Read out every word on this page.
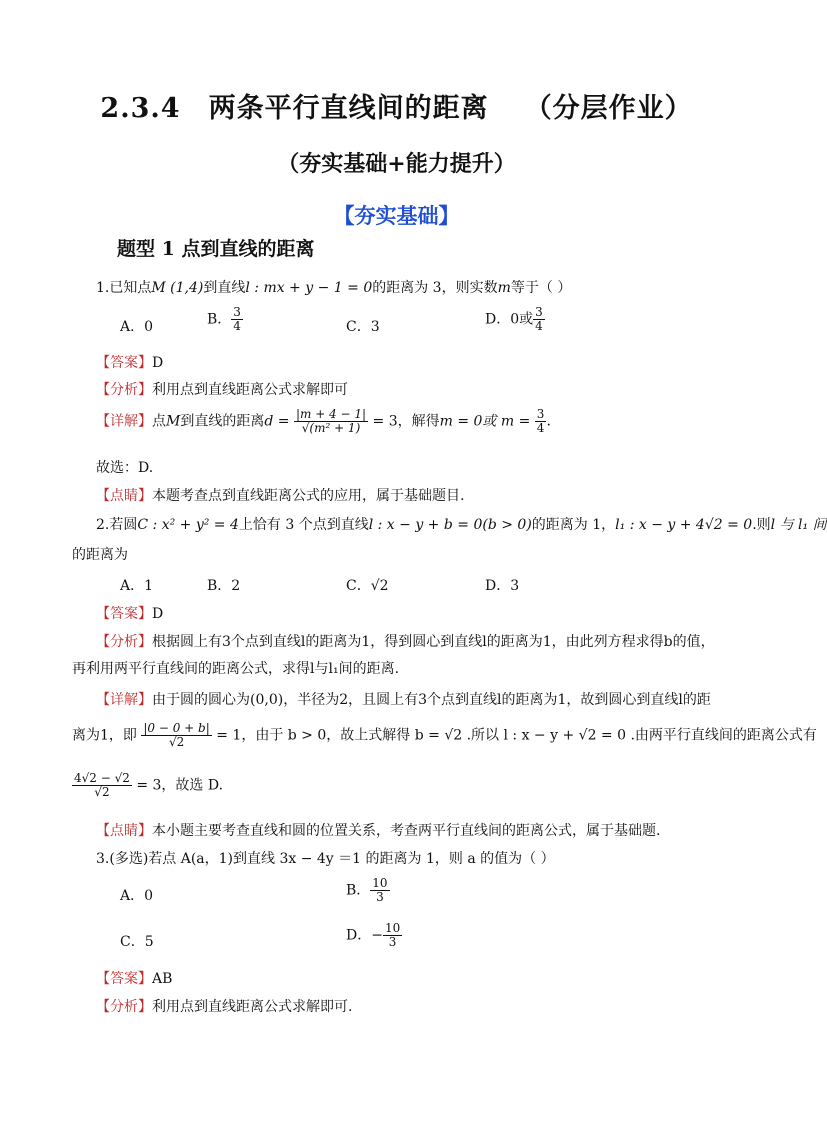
2.3.4 两条平行直线间的距离 （分层作业）
（夯实基础+能力提升）
【夯实基础】
题型 1 点到直线的距离
1.已知点M (1,4)到直线l : mx + y − 1 = 0的距离为 3，则实数m等于（ ）
A．0	B． $\frac{3}{4}$	C．3	D．0或 $\frac{3}{4}$
【答案】D
【分析】利用点到直线距离公式求解即可
【详解】点M到直线的距离$d = \frac{|m + 4 - 1|}{\text{√(m² + 1)}} = 3$，解得m = 0或 $m = \frac{3}{4}$ .
故选：D.
【点睛】本题考查点到直线距离公式的应用，属于基础题目.
2.若圆C : x² + y² = 4上恰有 3 个点到直线l : x − y + b = 0(b > 0)的距离为 1，l₁ : x − y + 4√2 = 0.则l 与 l₁ 间
的距离为
A．1	B．2	C．√2	D．3
【答案】D
【分析】根据圆上有3个点到直线l的距离为1，得到圆心到直线l的距离为1，由此列方程求得b的值，
再利用两平行直线间的距离公式，求得l与l₁间的距离.
【详解】由于圆的圆心为(0,0)，半径为2，且圆上有3个点到直线l的距离为1，故到圆心到直线l的距
离为1，即 $\frac{|0 - 0 + b|}{√2} = 1$，由于 b > 0，故上式解得 b = √2 .所以 l : x − y + √2 = 0 .由两平行直线间的距离公式有
$\frac{4√2 - √2}{√2} = 3$，故选 D.
【点睛】本小题主要考查直线和圆的位置关系，考查两平行直线间的距离公式，属于基础题.
3.(多选)若点 A(a，1)到直线 3x − 4y ＝1 的距离为 1，则 a 的值为（ ）
A．0	B． $\frac{10}{3}$
C．5	D．− $\frac{10}{3}$
【答案】AB
【分析】利用点到直线距离公式求解即可.
